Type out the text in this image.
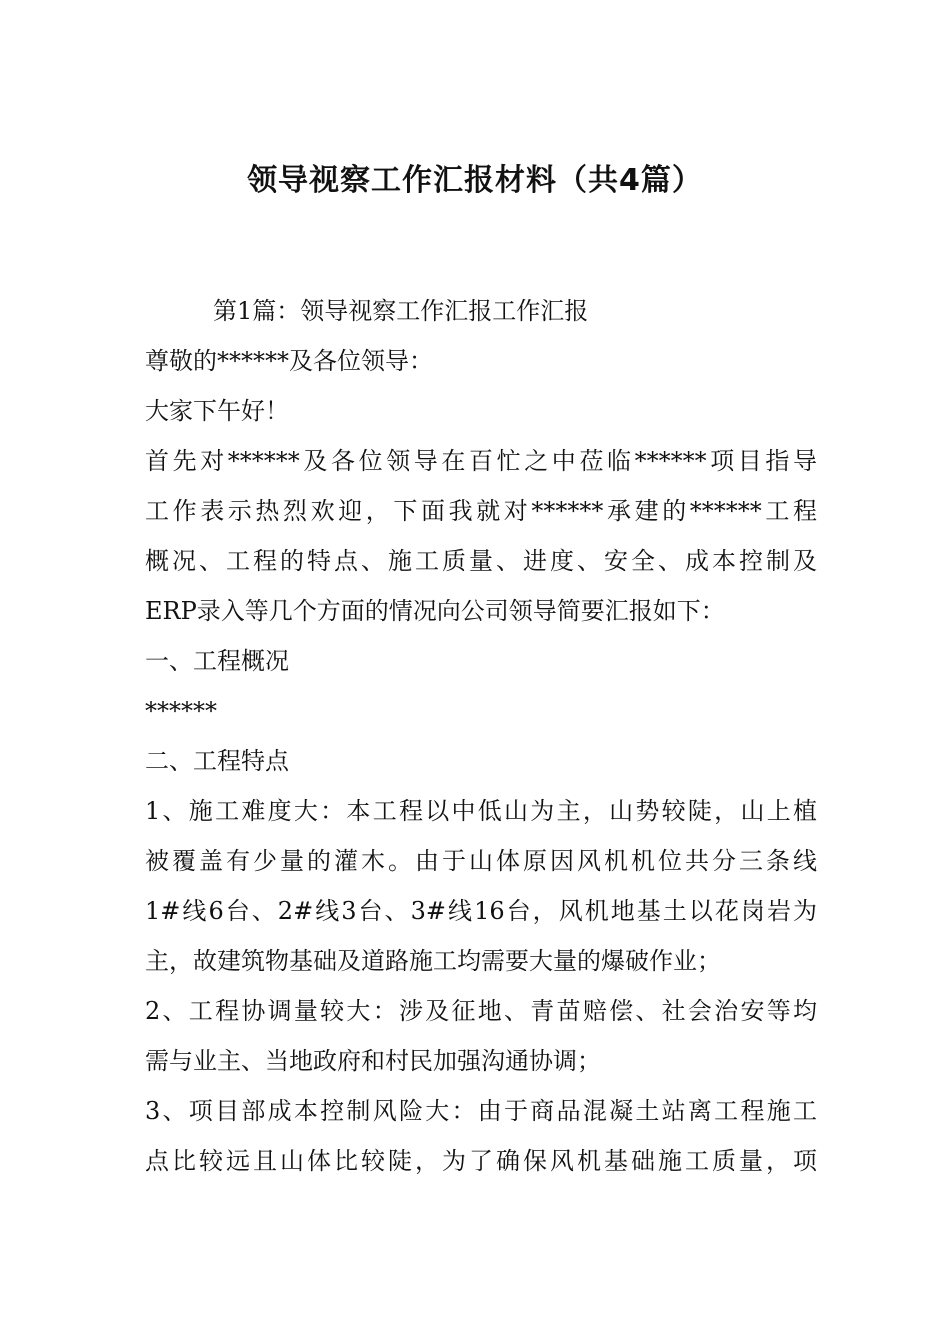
领导视察工作汇报材料（共4篇）
第1篇：领导视察工作汇报工作汇报
尊敬的******及各位领导：
大家下午好！
首先对******及各位领导在百忙之中莅临******项目指导
工作表示热烈欢迎，下面我就对******承建的******工程
概况、工程的特点、施工质量、进度、安全、成本控制及
ERP录入等几个方面的情况向公司领导简要汇报如下：
一、工程概况
******
二、工程特点
1、施工难度大：本工程以中低山为主，山势较陡，山上植
被覆盖有少量的灌木。由于山体原因风机机位共分三条线
1#线6台、2#线3台、3#线16台，风机地基土以花岗岩为
主，故建筑物基础及道路施工均需要大量的爆破作业；
2、工程协调量较大：涉及征地、青苗赔偿、社会治安等均
需与业主、当地政府和村民加强沟通协调；
3、项目部成本控制风险大：由于商品混凝土站离工程施工
点比较远且山体比较陡，为了确保风机基础施工质量，项
